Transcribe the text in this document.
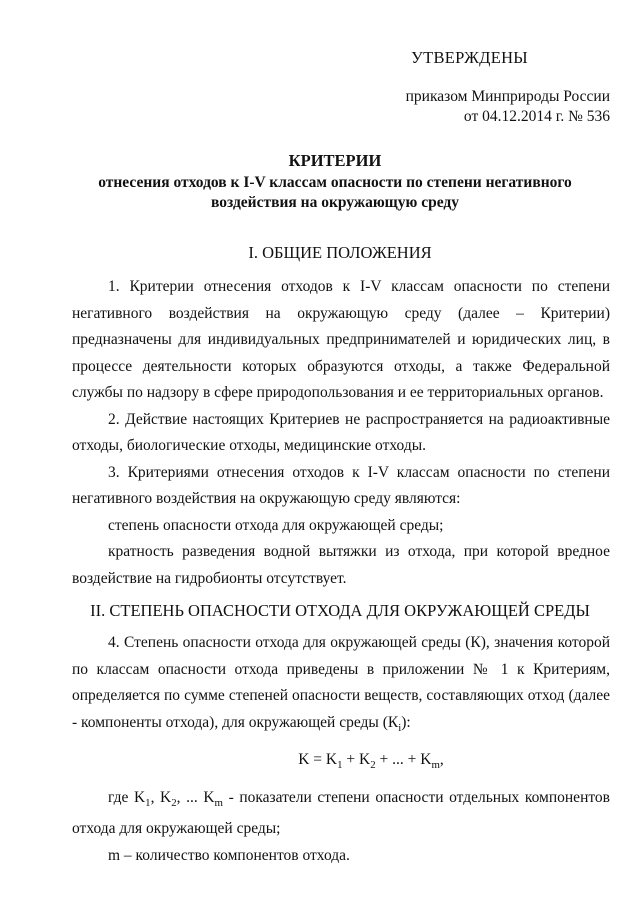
УТВЕРЖДЕНЫ
приказом Минприроды России
от 04.12.2014 г. № 536
КРИТЕРИИ
отнесения отходов к I-V классам опасности по степени негативного
воздействия на окружающую среду
I. ОБЩИЕ ПОЛОЖЕНИЯ

1. Критерии отнесения отходов к I-V классам опасности по степени негативного воздействия на окружающую среду (далее – Критерии) предназначены для индивидуальных предпринимателей и юридических лиц, в процессе деятельности которых образуются отходы, а также Федеральной службы по надзору в сфере природопользования и ее территориальных органов.

2. Действие настоящих Критериев не распространяется на радиоактивные отходы, биологические отходы, медицинские отходы.

3. Критериями отнесения отходов к I-V классам опасности по степени негативного воздействия на окружающую среду являются:

степень опасности отхода для окружающей среды;

кратность разведения водной вытяжки из отхода, при которой вредное воздействие на гидробионты отсутствует.

II. СТЕПЕНЬ ОПАСНОСТИ ОТХОДА ДЛЯ ОКРУЖАЮЩЕЙ СРЕДЫ

4. Степень опасности отхода для окружающей среды (К), значения которой по классам опасности отхода приведены в приложении № 1 к Критериям, определяется по сумме степеней опасности веществ, составляющих отход (далее - компоненты отхода), для окружающей среды $(К_i)$:

$K = K_1 + K_2$ + ... + $K_m$,

где $K_1$, $K_2$, ... $K_m$ - показатели степени опасности отдельных компонентов отхода для окружающей среды;

m – количество компонентов отхода.
